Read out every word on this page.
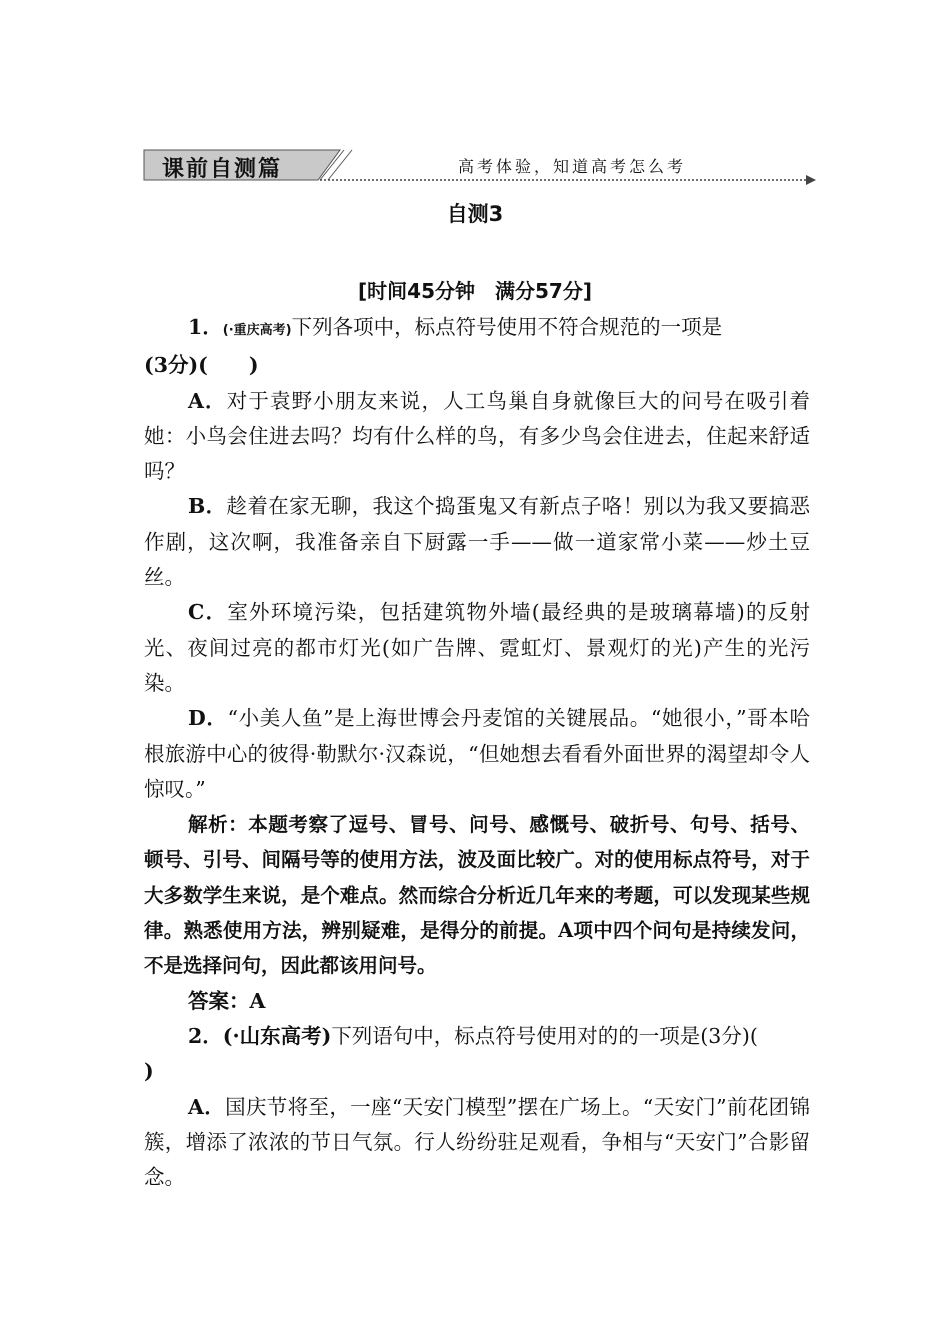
课前自测篇	高考体验，知道高考怎么考
自测3
[时间45分钟　满分57分]

1．(·重庆高考)下列各项中，标点符号使用不符合规范的一项是

(3分)(　　)

A．对于袁野小朋友来说，人工鸟巢自身就像巨大的问号在吸引着她：小鸟会住进去吗？均有什么样的鸟，有多少鸟会住进去，住起来舒适吗？

B．趁着在家无聊，我这个捣蛋鬼又有新点子咯！别以为我又要搞恶作剧，这次啊，我准备亲自下厨露一手——做一道家常小菜——炒土豆丝。

C．室外环境污染，包括建筑物外墙(最经典的是玻璃幕墙)的反射光、夜间过亮的都市灯光(如广告牌、霓虹灯、景观灯的光)产生的光污染。

D．“小美人鱼”是上海世博会丹麦馆的关键展品。“她很小，”哥本哈根旅游中心的彼得·勒默尔·汉森说，“但她想去看看外面世界的渴望却令人惊叹。”

解析：本题考察了逗号、冒号、问号、感慨号、破折号、句号、括号、顿号、引号、间隔号等的使用方法，波及面比较广。对的使用标点符号，对于大多数学生来说，是个难点。然而综合分析近几年来的考题，可以发现某些规律。熟悉使用方法，辨别疑难，是得分的前提。A项中四个问句是持续发问，不是选择问句，因此都该用问号。

答案：A

2．(·山东高考)下列语句中，标点符号使用对的的一项是(3分)(

)

A．国庆节将至，一座“天安门模型”摆在广场上。“天安门”前花团锦簇，增添了浓浓的节日气氛。行人纷纷驻足观看，争相与“天安门”合影留念。
